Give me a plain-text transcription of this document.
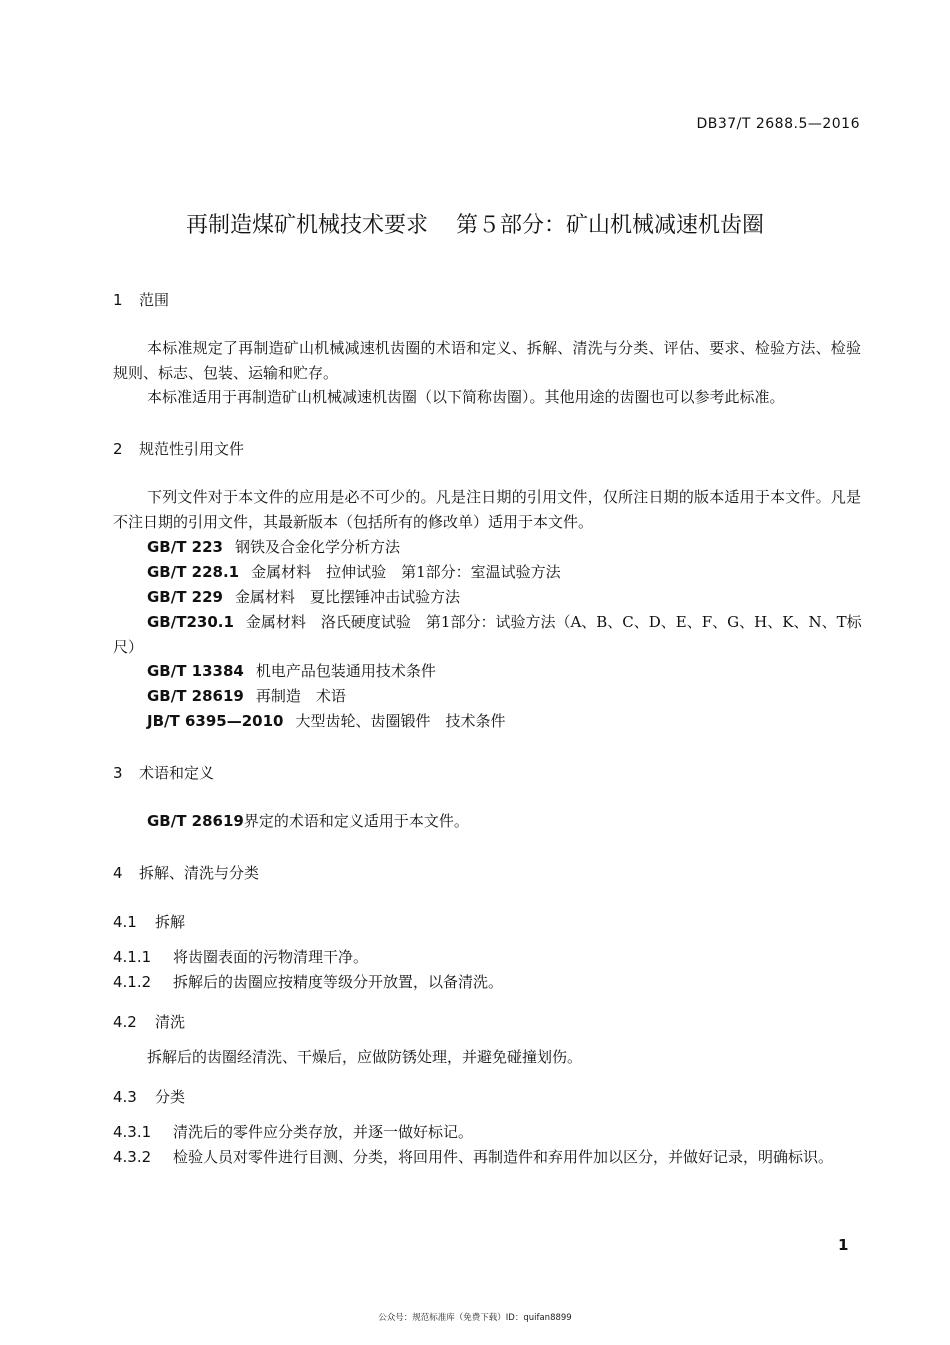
DB37/T 2688.5—2016
再制造煤矿机械技术要求 第５部分：矿山机械减速机齿圈
1 范围
本标准规定了再制造矿山机械减速机齿圈的术语和定义、拆解、清洗与分类、评估、要求、检验方法、检验规则、标志、包装、运输和贮存。
本标准适用于再制造矿山机械减速机齿圈（以下简称齿圈）。其他用途的齿圈也可以参考此标准。
2 规范性引用文件
下列文件对于本文件的应用是必不可少的。凡是注日期的引用文件，仅所注日期的版本适用于本文件。凡是不注日期的引用文件，其最新版本（包括所有的修改单）适用于本文件。
GB/T 223 钢铁及合金化学分析方法
GB/T 228.1 金属材料　拉伸试验　第1部分：室温试验方法
GB/T 229 金属材料　夏比摆锤冲击试验方法
GB/T230.1 金属材料　洛氏硬度试验　第1部分：试验方法（A、B、C、D、E、F、G、H、K、N、T标尺）
GB/T 13384 机电产品包装通用技术条件
GB/T 28619 再制造　术语
JB/T 6395—2010 大型齿轮、齿圈锻件　技术条件
3 术语和定义
GB/T 28619界定的术语和定义适用于本文件。
4 拆解、清洗与分类
4.1 拆解
4.1.1 将齿圈表面的污物清理干净。
4.1.2 拆解后的齿圈应按精度等级分开放置，以备清洗。
4.2 清洗
拆解后的齿圈经清洗、干燥后，应做防锈处理，并避免碰撞划伤。
4.3 分类
4.3.1 清洗后的零件应分类存放，并逐一做好标记。
4.3.2 检验人员对零件进行目测、分类，将回用件、再制造件和弃用件加以区分，并做好记录，明确标识。
1
公众号：规范标准库（免费下载）ID：quifan8899
